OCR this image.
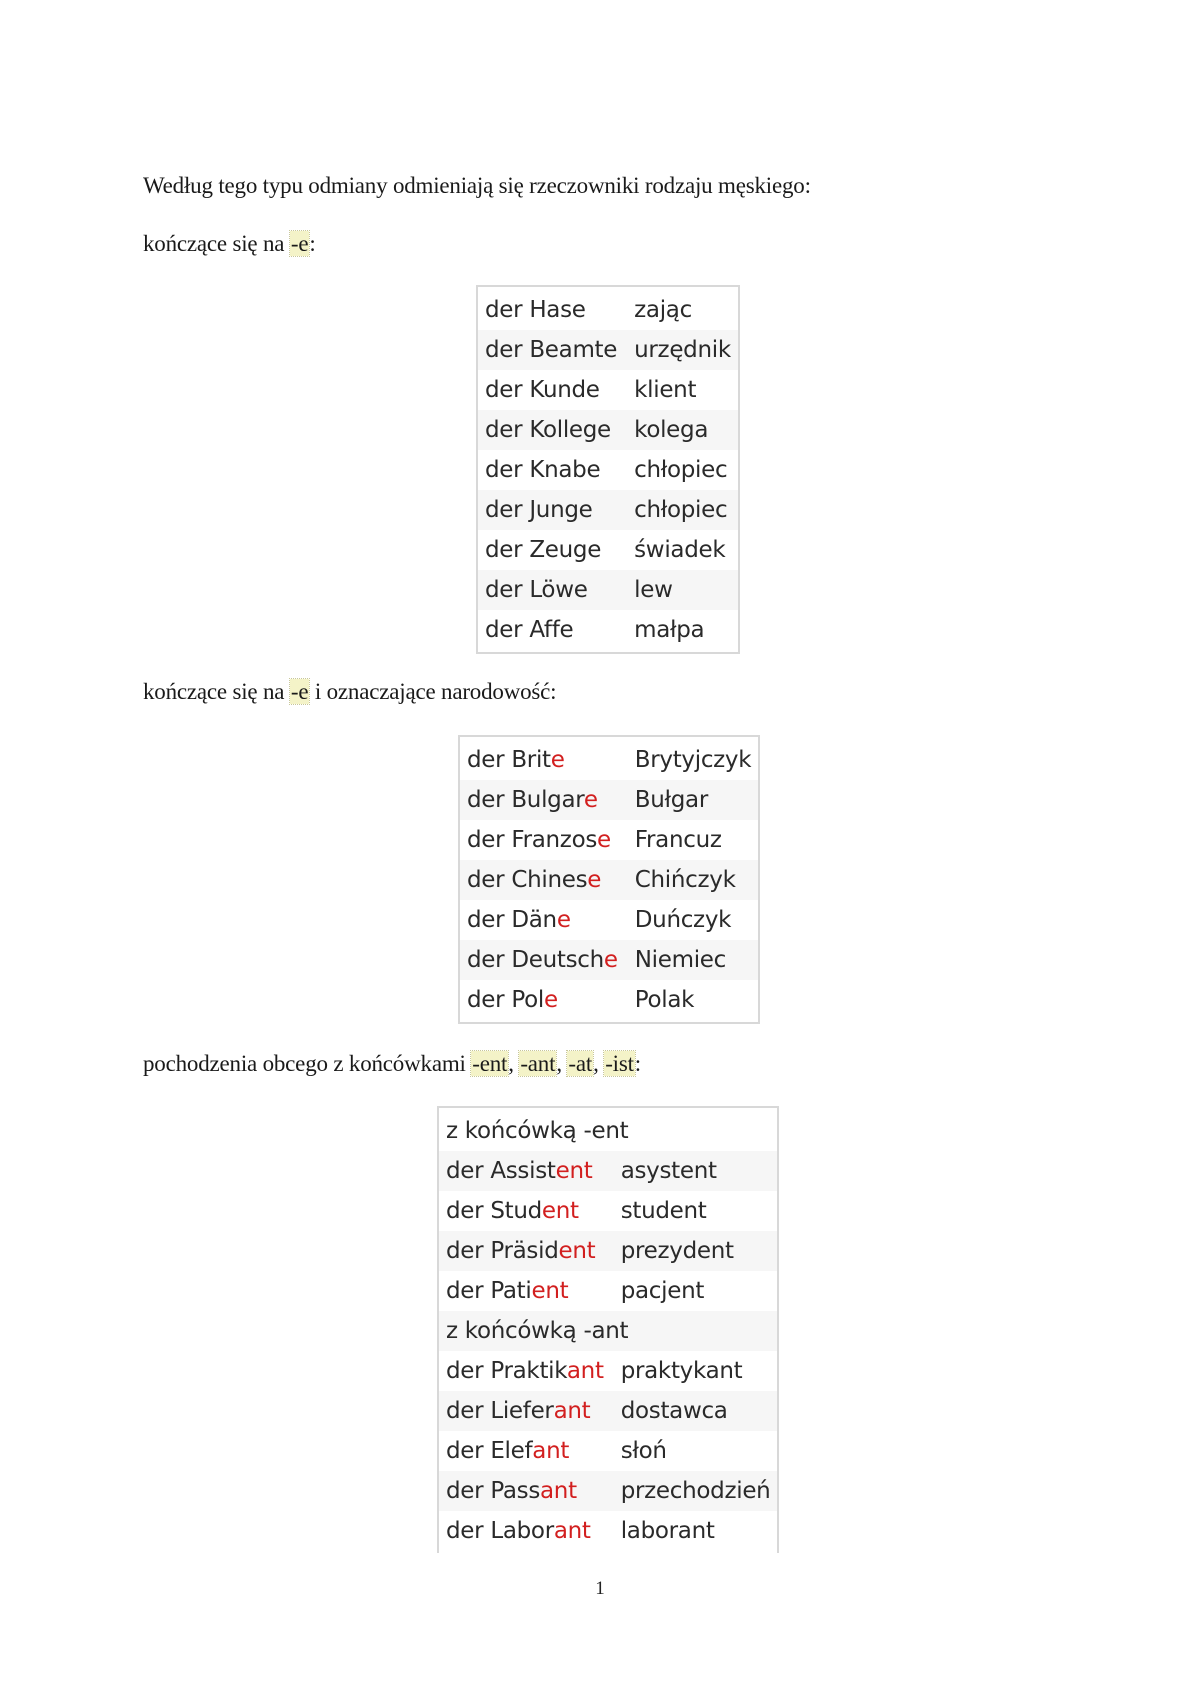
Według tego typu odmiany odmieniają się rzeczowniki rodzaju męskiego:
kończące się na -e:
der Hase	zając
der Beamte	urzędnik
der Kunde	klient
der Kollege	kolega
der Knabe	chłopiec
der Junge	chłopiec
der Zeuge	świadek
der Löwe	lew
der Affe	małpa
kończące się na -e i oznaczające narodowość:
der Brite	Brytyjczyk
der Bulgare	Bułgar
der Franzose	Francuz
der Chinese	Chińczyk
der Däne	Duńczyk
der Deutsche	Niemiec
der Pole	Polak
pochodzenia obcego z końcówkami -ent, -ant, -at, -ist:
z końcówką -ent	
der Assistent	asystent
der Student	student
der Präsident	prezydent
der Patient	pacjent
z końcówką -ant	
der Praktikant	praktykant
der Lieferant	dostawca
der Elefant	słoń
der Passant	przechodzień
der Laborant	laborant
1
